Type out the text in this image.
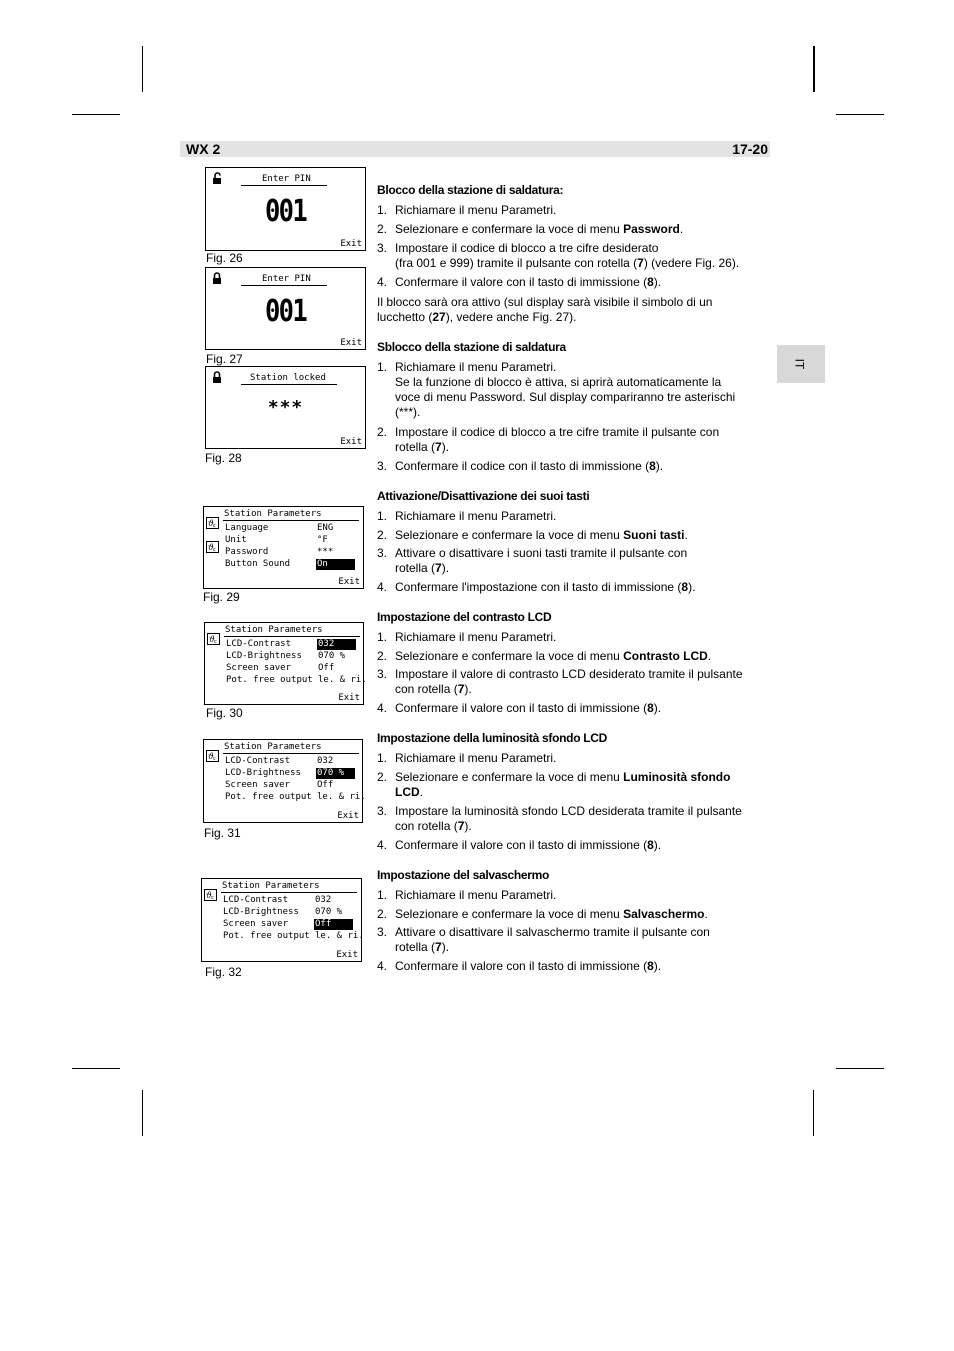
WX 2	17-20
IT
Enter PIN
001
Exit
Fig. 26
Enter PIN
001
Exit
Fig. 27
Station locked
***
Exit
Fig. 28
Station Parameters
ϑ c
ϑ c
Language
Unit
Password
Button Sound
ENG
°F
***
On
Exit
Fig. 29
Station Parameters
ϑ c LCD-Contrast
LCD-Brightness
Screen saver
Pot. free output
032
070 %
Off
le. & ri.
Exit
Fig. 30
Station Parameters
ϑ c LCD-Contrast
LCD-Brightness
Screen saver
Pot. free output
032
070 %
Off
le. & ri.
Exit
Fig. 31
Station Parameters
ϑ c LCD-Contrast
LCD-Brightness
Screen saver
Pot. free output
032
070 %
Off
le. & ri.
Exit
Fig. 32
Blocco della stazione di saldatura:
1. Richiamare il menu Parametri.
2. Selezionare e confermare la voce di menu Password.
3. Impostare il codice di blocco a tre cifre desiderato
(fra 001 e 999) tramite il pulsante con rotella (7) (vedere Fig. 26).
4. Confermare il valore con il tasto di immissione (8).
Il blocco sarà ora attivo (sul display sarà visibile il simbolo di un
lucchetto (27), vedere anche Fig. 27).
Sblocco della stazione di saldatura
1. Richiamare il menu Parametri.
Se la funzione di blocco è attiva, si aprirà automaticamente la
voce di menu Password. Sul display compariranno tre asterischi
(***).
2. Impostare il codice di blocco a tre cifre tramite il pulsante con
rotella (7).
3. Confermare il codice con il tasto di immissione (8).
Attivazione/Disattivazione dei suoi tasti
1. Richiamare il menu Parametri.
2. Selezionare e confermare la voce di menu Suoni tasti.
3. Attivare o disattivare i suoni tasti tramite il pulsante con
rotella (7).
4. Confermare l'impostazione con il tasto di immissione (8).
Impostazione del contrasto LCD
1. Richiamare il menu Parametri.
2. Selezionare e confermare la voce di menu Contrasto LCD.
3. Impostare il valore di contrasto LCD desiderato tramite il pulsante
con rotella (7).
4. Confermare il valore con il tasto di immissione (8).
Impostazione della luminosità sfondo LCD
1. Richiamare il menu Parametri.
2. Selezionare e confermare la voce di menu Luminosità sfondo
LCD.
3. Impostare la luminosità sfondo LCD desiderata tramite il pulsante
con rotella (7).
4. Confermare il valore con il tasto di immissione (8).
Impostazione del salvaschermo
1. Richiamare il menu Parametri.
2. Selezionare e confermare la voce di menu Salvaschermo.
3. Attivare o disattivare il salvaschermo tramite il pulsante con
rotella (7).
4. Confermare il valore con il tasto di immissione (8).
